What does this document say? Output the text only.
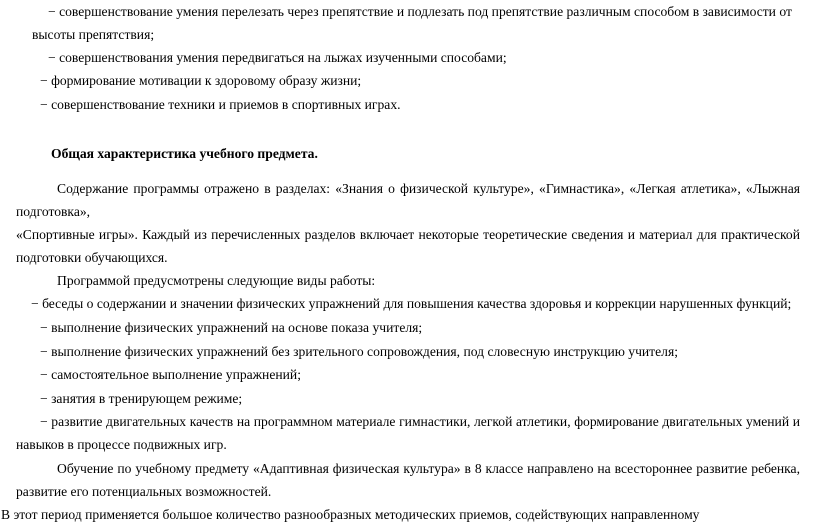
− совершенствование умения перелезать через препятствие и подлезать под препятствие различным способом в зависимости от
высоты препятствия;
− совершенствования умения передвигаться на лыжах изученными способами;
− формирование мотивации к здоровому образу жизни;
− совершенствование техники и приемов в спортивных играх.
Общая характеристика учебного предмета.
Содержание программы отражено в разделах: «Знания о физической культуре», «Гимнастика», «Легкая атлетика», «Лыжная
подготовка»,
«Спортивные игры». Каждый из перечисленных разделов включает некоторые теоретические сведения и материал для практической
подготовки обучающихся.
Программой предусмотрены следующие виды работы:
− беседы о содержании и значении физических упражнений для повышения качества здоровья и коррекции нарушенных функций;
− выполнение физических упражнений на основе показа учителя;
− выполнение физических упражнений без зрительного сопровождения, под словесную инструкцию учителя;
− самостоятельное выполнение упражнений;
− занятия в тренирующем режиме;
− развитие двигательных качеств на программном материале гимнастики, легкой атлетики, формирование двигательных умений и
навыков в процессе подвижных игр.
Обучение по учебному предмету «Адаптивная физическая культура» в 8 классе направлено на всестороннее развитие ребенка,
развитие его потенциальных возможностей.
В этот период применяется большое количество разнообразных методических приемов, содействующих направленному
